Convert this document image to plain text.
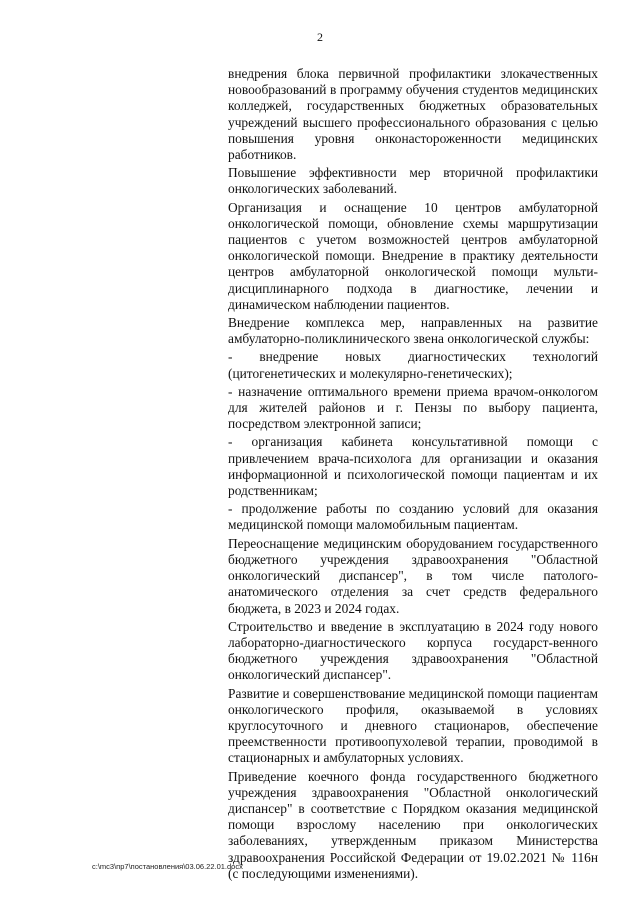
2

внедрения блока первичной профилактики злокачественных новообразований в программу обучения студентов медицинских колледжей, государственных бюджетных образовательных учреждений высшего профессионального образования с целью повышения уровня онконастороженности медицинских работников.

Повышение эффективности мер вторичной профилактики онкологических заболеваний.

Организация и оснащение 10 центров амбулаторной онкологической помощи, обновление схемы маршрутизации пациентов с учетом возможностей центров амбулаторной онкологической помощи. Внедрение в практику деятельности центров амбулаторной онкологической помощи мульти-дисциплинарного подхода в диагностике, лечении и динамическом наблюдении пациентов.

Внедрение комплекса мер, направленных на развитие амбулаторно-поликлинического звена онкологической службы:

- внедрение новых диагностических технологий (цитогенетических и молекулярно-генетических);

- назначение оптимального времени приема врачом-онкологом для жителей районов и г. Пензы по выбору пациента, посредством электронной записи;

- организация кабинета консультативной помощи с привлечением врача-психолога для организации и оказания информационной и психологической помощи пациентам и их родственникам;

- продолжение работы по созданию условий для оказания медицинской помощи маломобильным пациентам.

Переоснащение медицинским оборудованием государственного бюджетного учреждения здравоохранения "Областной онкологический диспансер", в том числе патолого-анатомического отделения за счет средств федерального бюджета, в 2023 и 2024 годах.

Строительство и введение в эксплуатацию в 2024 году нового лабораторно-диагностического корпуса государст-венного бюджетного учреждения здравоохранения "Областной онкологический диспансер".

Развитие и совершенствование медицинской помощи пациентам онкологического профиля, оказываемой в условиях круглосуточного и дневного стационаров, обеспечение преемственности противоопухолевой терапии, проводимой в стационарных и амбулаторных условиях.

Приведение коечного фонда государственного бюджетного учреждения здравоохранения "Областной онкологический диспансер" в соответствие с Порядком оказания медицинской помощи взрослому населению при онкологических заболеваниях, утвержденным приказом Министерства здравоохранения Российской Федерации от 19.02.2021 № 116н (с последующими изменениями).

c:\mc3\пр7\постановления\03.06.22.01.docx
